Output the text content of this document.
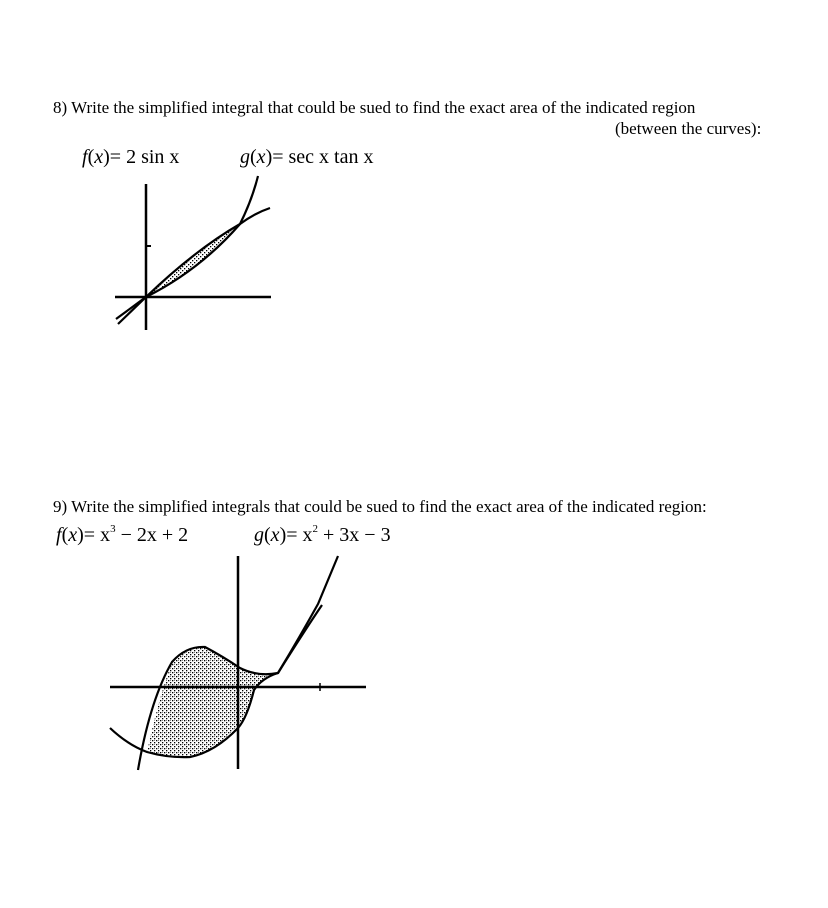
8) Write the simplified integral that could be sued to find the exact area of the indicated region
(between the curves):
f(x)= 2 sin x	g(x)= sec x tan x
9) Write the simplified integrals that could be sued to find the exact area of the indicated region:
$f(x)= x^3 - 2x + 2$	$g(x)= x^2 + 3x - 3$
